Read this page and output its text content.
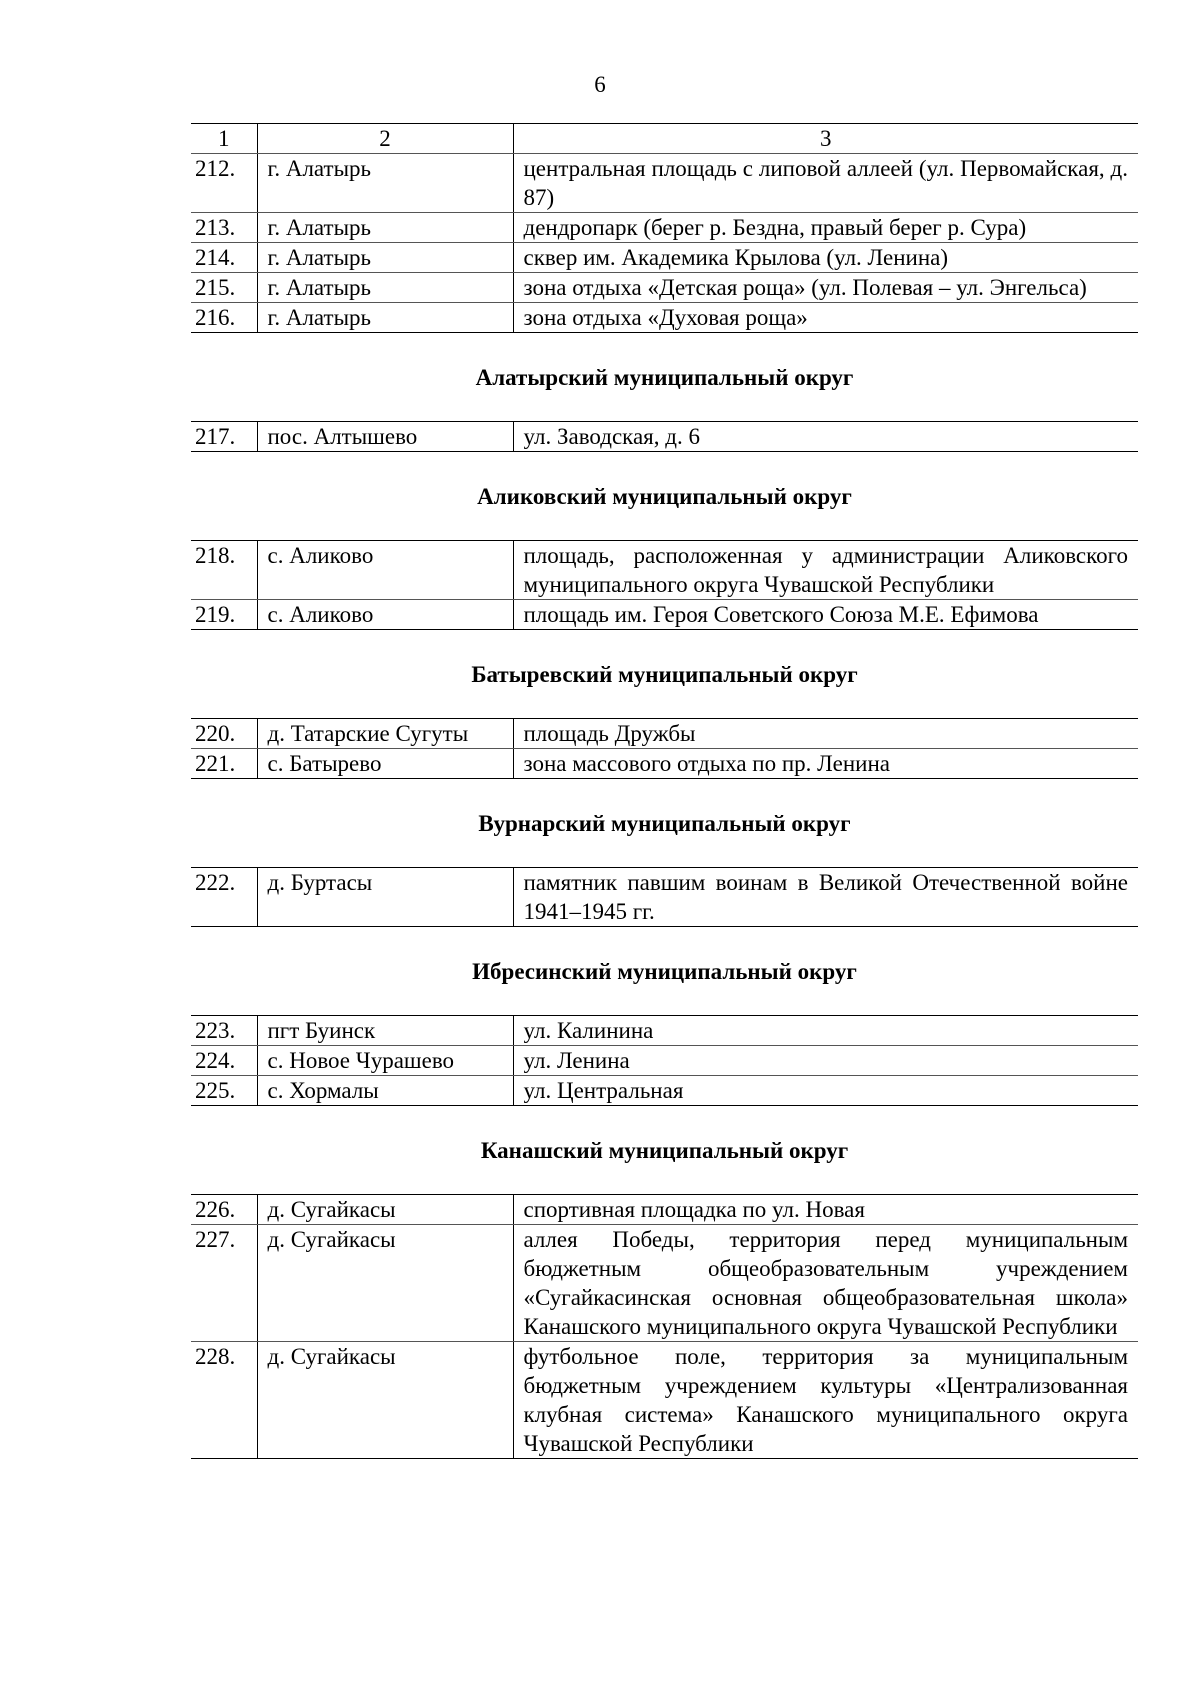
6
1	2	3
212.	г. Алатырь	центральная площадь с липовой аллеей (ул. Первомайская, д. 87)
213.	г. Алатырь	дендропарк (берег р. Бездна, правый берег р. Сура)
214.	г. Алатырь	сквер им. Академика Крылова (ул. Ленина)
215.	г. Алатырь	зона отдыха «Детская роща» (ул. Полевая – ул. Энгельса)
216.	г. Алатырь	зона отдыха «Духовая роща»
Алатырский муниципальный округ
217.	пос. Алтышево	ул. Заводская, д. 6
Аликовский муниципальный округ
218.	с. Аликово	площадь, расположенная у администрации Аликовского муниципального округа Чувашской Республики
219.	с. Аликово	площадь им. Героя Советского Союза М.Е. Ефимова
Батыревский муниципальный округ
220.	д. Татарские Сугуты	площадь Дружбы
221.	с. Батырево	зона массового отдыха по пр. Ленина
Вурнарский муниципальный округ
222.	д. Буртасы	памятник павшим воинам в Великой Отечественной войне 1941–1945 гг.
Ибресинский муниципальный округ
223.	пгт Буинск	ул. Калинина
224.	с. Новое Чурашево	ул. Ленина
225.	с. Хормалы	ул. Центральная
Канашский муниципальный округ
226.	д. Сугайкасы	спортивная площадка по ул. Новая
227.	д. Сугайкасы	аллея Победы, территория перед муниципальным бюджетным общеобразовательным учреждением «Сугайкасинская основная общеобразовательная школа» Канашского муниципального округа Чувашской Республики
228.	д. Сугайкасы	футбольное поле, территория за муниципальным бюджетным учреждением культуры «Централизованная клубная система» Канашского муниципального округа Чувашской Республики
